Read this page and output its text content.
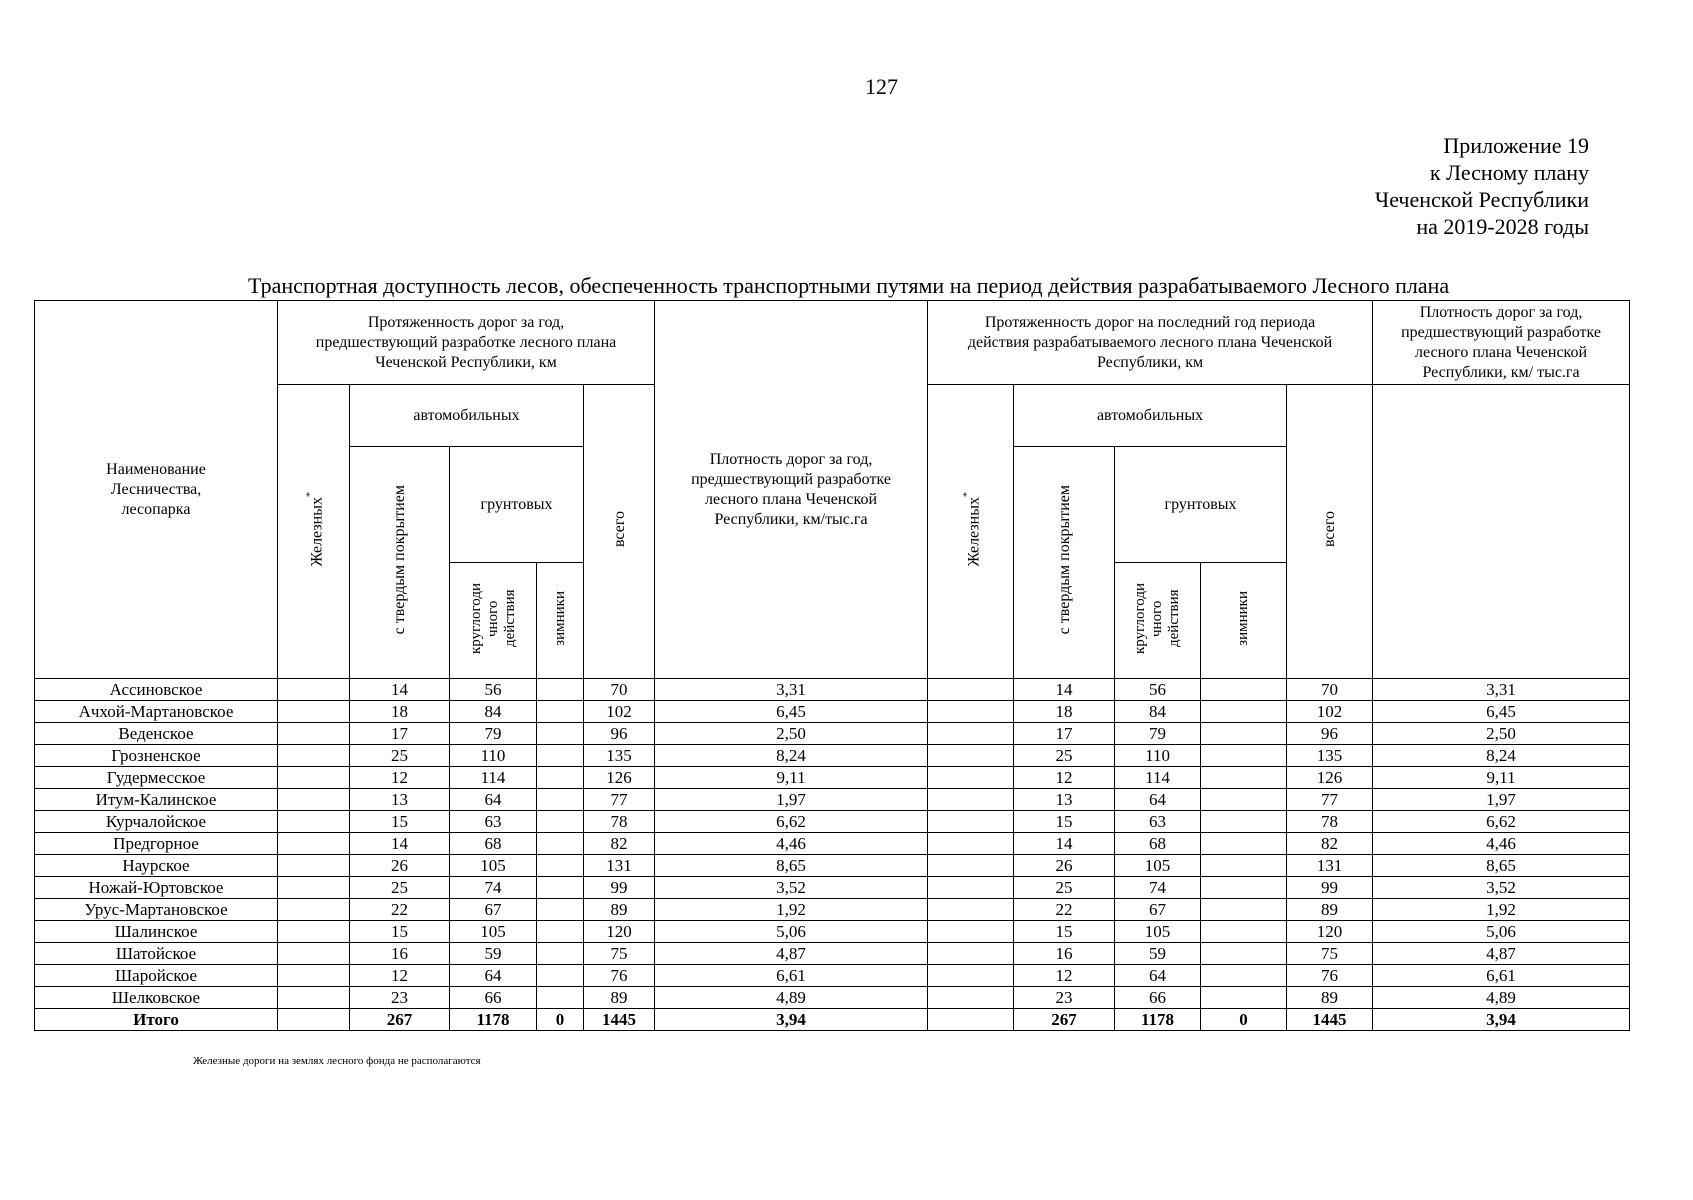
127
Приложение 19
к Лесному плану
Чеченской Республики
на 2019-2028 годы
Транспортная доступность лесов, обеспеченность транспортными путями на период действия разрабатываемого Лесного плана
Наименование
Лесничества,
лесопарка	Протяженность дорог за год,
предшествующий разработке лесного плана
Чеченской Республики, км					Плотность дорог за год,
предшествующий разработке
лесного плана Чеченской
Республики, км/тыс.га	Протяженность дорог на последний год периода
действия разрабатываемого лесного плана Чеченской
Республики, км					Плотность дорог за год,
предшествующий разработке
лесного плана Чеченской
Республики, км/ тыс.га

	Железных*	автомобильных			всего		Железных*	автомобильных			всего	
		с твердым покрытием	грунтовых					с твердым покрытием	грунтовых			
			круглогоди
чного
действия	зимники					круглогоди
чного
действия	зимники		
Ассиновское		14	56		70	3,31		14	56		70	3,31
Ачхой-Мартановское		18	84		102	6,45		18	84		102	6,45
Веденское		17	79		96	2,50		17	79		96	2,50
Грозненское		25	110		135	8,24		25	110		135	8,24
Гудермесское		12	114		126	9,11		12	114		126	9,11
Итум-Калинское		13	64		77	1,97		13	64		77	1,97
Курчалойское		15	63		78	6,62		15	63		78	6,62
Предгорное		14	68		82	4,46		14	68		82	4,46
Наурское		26	105		131	8,65		26	105		131	8,65
Ножай-Юртовское		25	74		99	3,52		25	74		99	3,52
Урус-Мартановское		22	67		89	1,92		22	67		89	1,92
Шалинское		15	105		120	5,06		15	105		120	5,06
Шатойское		16	59		75	4,87		16	59		75	4,87
Шаройское		12	64		76	6,61		12	64		76	6,61
Шелковское		23	66		89	4,89		23	66		89	4,89
Итого		267	1178	0	1445	3,94		267	1178	0	1445	3,94
Железные дороги на землях лесного фонда не располагаются
